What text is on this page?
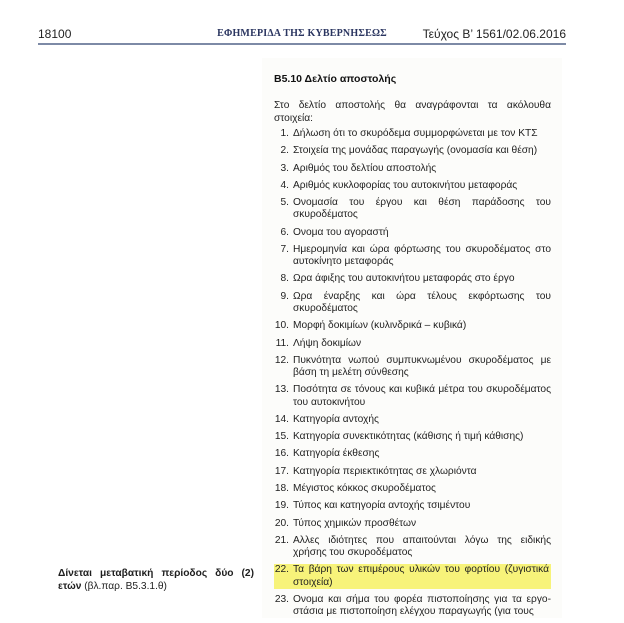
18100	ΕΦΗΜΕΡΙΔΑ ΤΗΣ ΚΥΒΕΡΝΗΣΕΩΣ	Τεύχος Β’ 1561/02.06.2016
Β5.10 Δελτίο αποστολής
Στο δελτίο αποστολής θα αναγράφονται τα ακόλουθα στοιχεία:
1. Δήλωση ότι το σκυρόδεμα συμμορφώνεται με τον ΚΤΣ
2. Στοιχεία της μονάδας παραγωγής (ονομασία και θέση)
3. Αριθμός του δελτίου αποστολής
4. Αριθμός κυκλοφορίας του αυτοκινήτου μεταφοράς
5. Ονομασία του έργου και θέση παράδοσης του σκυροδέματος
6. Ονομα του αγοραστή
7. Ημερομηνία και ώρα φόρτωσης του σκυροδέματος στο αυτοκίνητο μεταφοράς
8. Ωρα άφιξης του αυτοκινήτου μεταφοράς στο έργο
9. Ωρα έναρξης και ώρα τέλους εκφόρτωσης του σκυροδέματος
10. Μορφή δοκιμίων (κυλινδρικά – κυβικά)
11. Λήψη δοκιμίων
12. Πυκνότητα νωπού συμπυκνωμένου σκυροδέματος με βάση τη μελέτη σύνθεσης
13. Ποσότητα σε τόνους και κυβικά μέτρα του σκυροδέματος του αυτοκινήτου
14. Κατηγορία αντοχής
15. Κατηγορία συνεκτικότητας (κάθισης ή τιμή κάθισης)
16. Κατηγορία έκθεσης
17. Κατηγορία περιεκτικότητας σε χλωριόντα
18. Μέγιστος κόκκος σκυροδέματος
19. Τύπος και κατηγορία αντοχής τσιμέντου
20. Τύπος χημικών προσθέτων
21. Αλλες ιδιότητες που απαιτούνται λόγω της ειδικής χρήσης του σκυροδέματος
22. Τα βάρη των επιμέρους υλικών του φορτίου (ζυγιστικά στοιχεία)
23. Ονομα και σήμα του φορέα πιστοποίησης για τα εργο-στάσια με πιστοποίηση ελέγχου παραγωγής (για τους
Δίνεται μεταβατική περίοδος δύο (2) ετών (βλ.παρ. Β5.3.1.θ)
